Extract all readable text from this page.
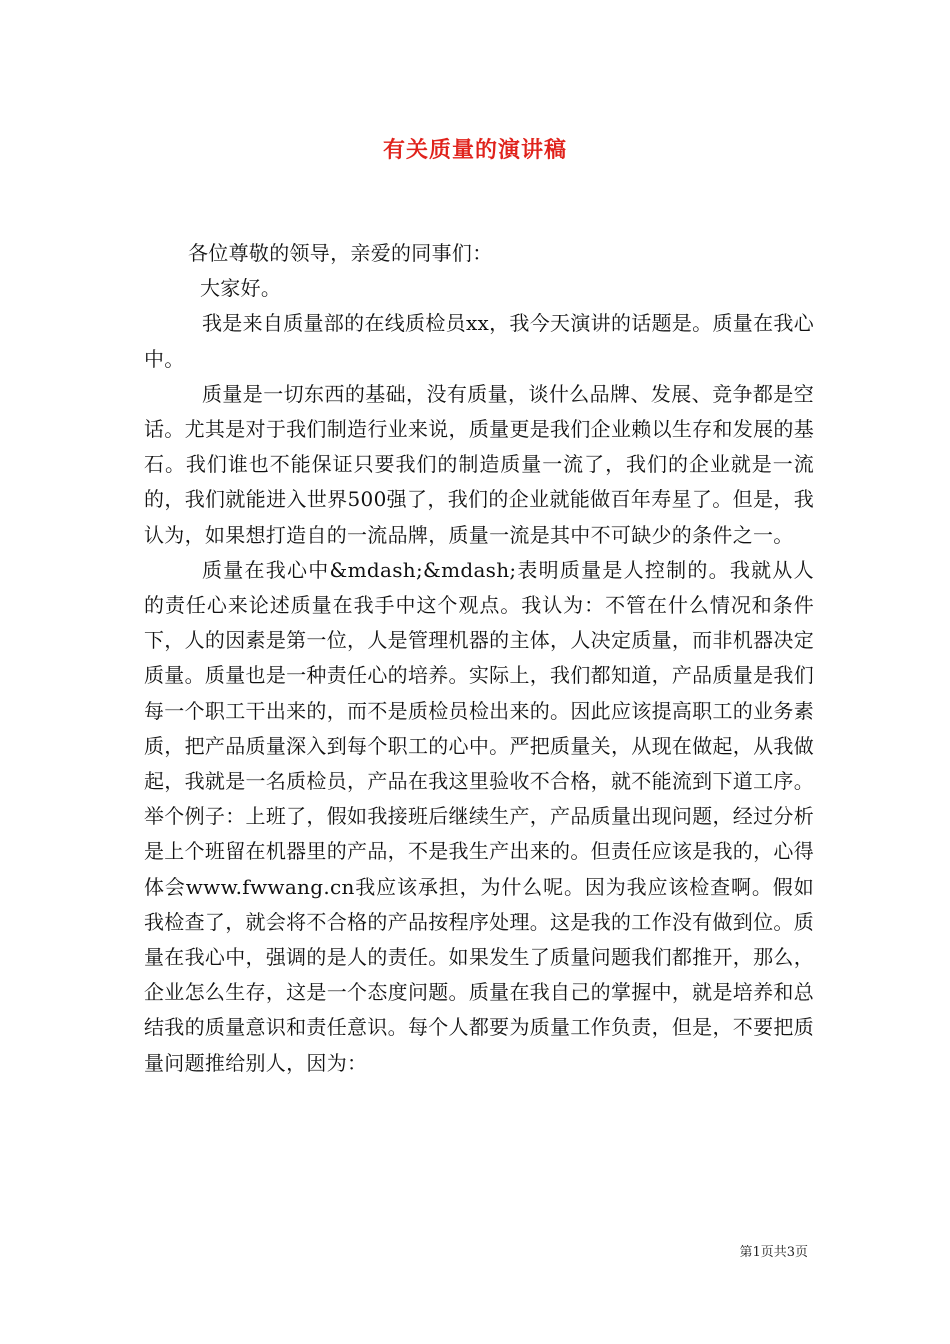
有关质量的演讲稿

各位尊敬的领导，亲爱的同事们：

大家好。

我是来自质量部的在线质检员xx，我今天演讲的话题是。质量在我心中。

质量是一切东西的基础，没有质量，谈什么品牌、发展、竞争都是空话。尤其是对于我们制造行业来说，质量更是我们企业赖以生存和发展的基石。我们谁也不能保证只要我们的制造质量一流了，我们的企业就是一流的，我们就能进入世界500强了，我们的企业就能做百年寿星了。但是，我认为，如果想打造自的一流品牌，质量一流是其中不可缺少的条件之一。

质量在我心中&mdash;&mdash;表明质量是人控制的。我就从人的责任心来论述质量在我手中这个观点。我认为：不管在什么情况和条件下，人的因素是第一位，人是管理机器的主体，人决定质量，而非机器决定质量。质量也是一种责任心的培养。实际上，我们都知道，产品质量是我们每一个职工干出来的，而不是质检员检出来的。因此应该提高职工的业务素质，把产品质量深入到每个职工的心中。严把质量关，从现在做起，从我做起，我就是一名质检员，产品在我这里验收不合格，就不能流到下道工序。举个例子：上班了，假如我接班后继续生产，产品质量出现问题，经过分析是上个班留在机器里的产品，不是我生产出来的。但责任应该是我的，心得体会www.fwwang.cn我应该承担，为什么呢。因为我应该检查啊。假如我检查了，就会将不合格的产品按程序处理。这是我的工作没有做到位。质量在我心中，强调的是人的责任。如果发生了质量问题我们都推开，那么，企业怎么生存，这是一个态度问题。质量在我自己的掌握中，就是培养和总结我的质量意识和责任意识。每个人都要为质量工作负责，但是，不要把质量问题推给别人，因为：

第1页共3页
